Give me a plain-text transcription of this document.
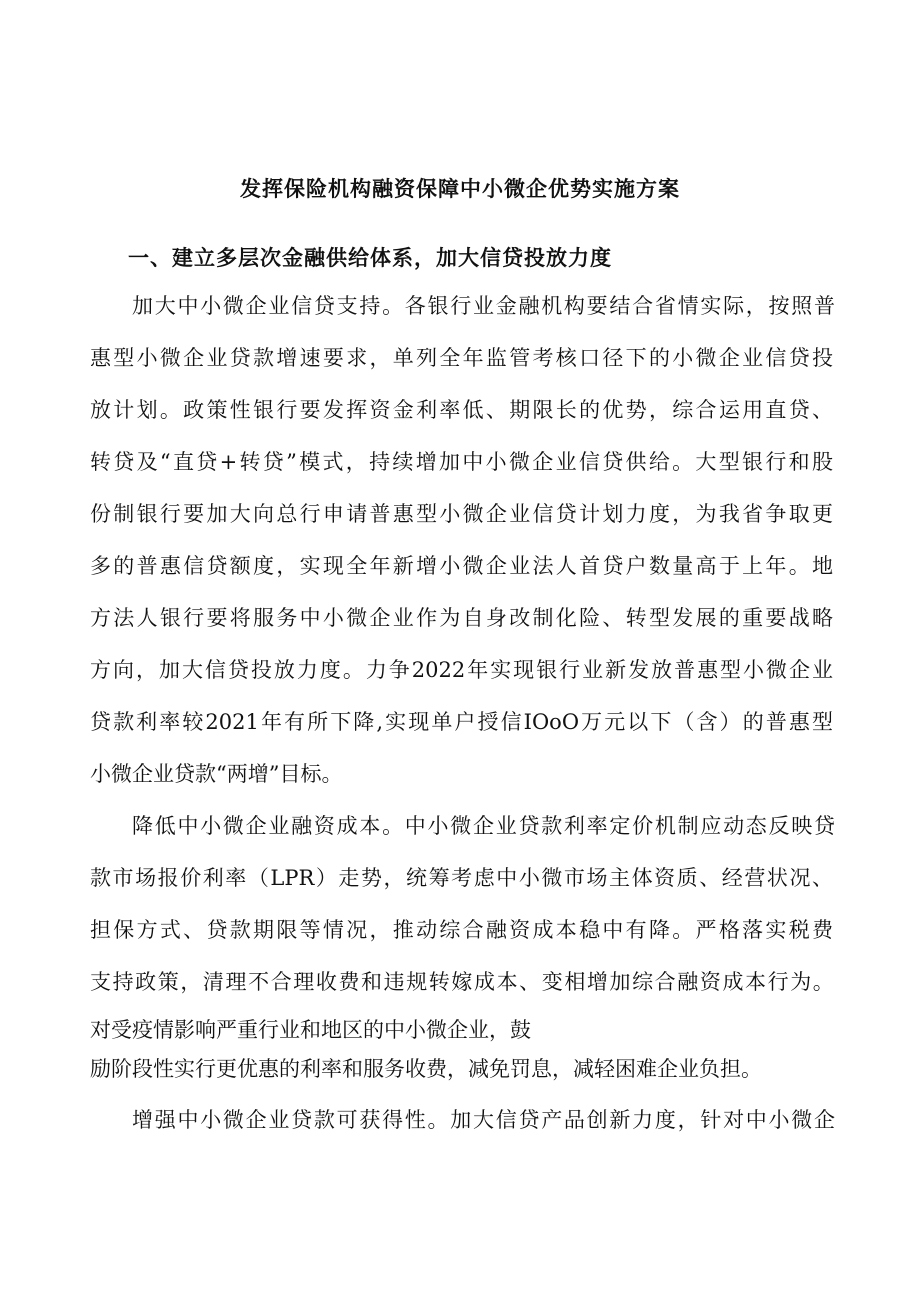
发挥保险机构融资保障中小微企优势实施方案
一、建立多层次金融供给体系，加大信贷投放力度
加大中小微企业信贷支持。各银行业金融机构要结合省情实际，按照普
惠型小微企业贷款增速要求，单列全年监管考核口径下的小微企业信贷投
放计划。政策性银行要发挥资金利率低、期限长的优势，综合运用直贷、
转贷及“直贷+转贷”模式，持续增加中小微企业信贷供给。大型银行和股
份制银行要加大向总行申请普惠型小微企业信贷计划力度，为我省争取更
多的普惠信贷额度，实现全年新增小微企业法人首贷户数量高于上年。地
方法人银行要将服务中小微企业作为自身改制化险、转型发展的重要战略
方向，加大信贷投放力度。力争2022年实现银行业新发放普惠型小微企业
贷款利率较2021年有所下降,实现单户授信IOoO万元以下（含）的普惠型
小微企业贷款“两增”目标。
降低中小微企业融资成本。中小微企业贷款利率定价机制应动态反映贷
款市场报价利率（LPR）走势，统筹考虑中小微市场主体资质、经营状况、
担保方式、贷款期限等情况，推动综合融资成本稳中有降。严格落实税费
支持政策，清理不合理收费和违规转嫁成本、变相增加综合融资成本行为。
对受疫情影响严重行业和地区的中小微企业，鼓
励阶段性实行更优惠的利率和服务收费，减免罚息，减轻困难企业负担。
增强中小微企业贷款可获得性。加大信贷产品创新力度，针对中小微企
